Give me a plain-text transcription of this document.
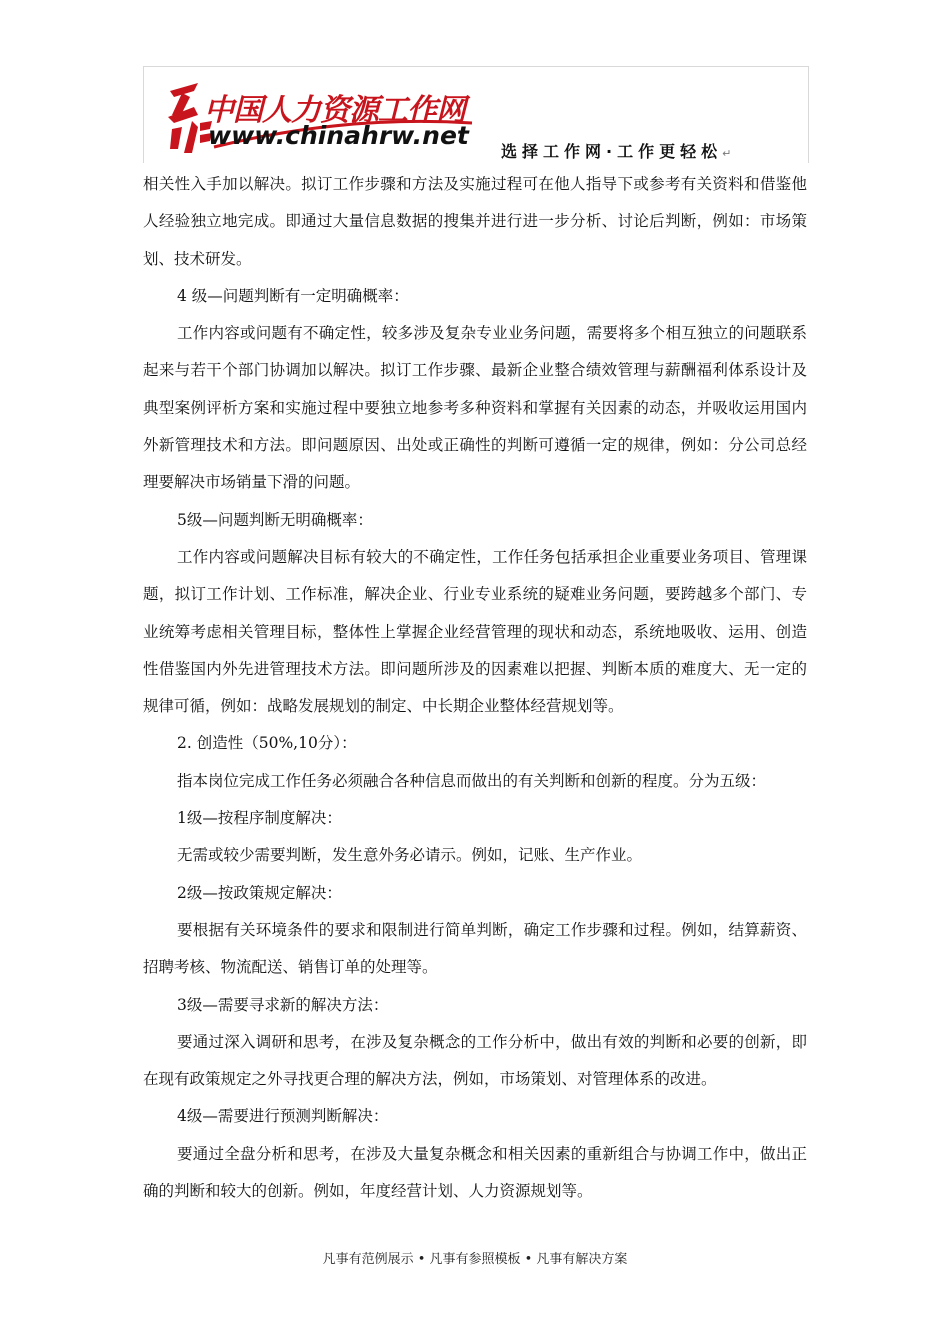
中国人力资源工作网
www.chinahrw.net
选择工作网·工作更轻松↵

相关性入手加以解决。拟订工作步骤和方法及实施过程可在他人指导下或参考有关资料和借鉴他人经验独立地完成。即通过大量信息数据的搜集并进行进一步分析、讨论后判断，例如：市场策划、技术研发。

4 级—问题判断有一定明确概率：

工作内容或问题有不确定性，较多涉及复杂专业业务问题，需要将多个相互独立的问题联系起来与若干个部门协调加以解决。拟订工作步骤、最新企业整合绩效管理与薪酬福利体系设计及典型案例评析方案和实施过程中要独立地参考多种资料和掌握有关因素的动态，并吸收运用国内外新管理技术和方法。即问题原因、出处或正确性的判断可遵循一定的规律，例如：分公司总经理要解决市场销量下滑的问题。

5级—问题判断无明确概率：

工作内容或问题解决目标有较大的不确定性，工作任务包括承担企业重要业务项目、管理课题，拟订工作计划、工作标准，解决企业、行业专业系统的疑难业务问题，要跨越多个部门、专业统筹考虑相关管理目标，整体性上掌握企业经营管理的现状和动态，系统地吸收、运用、创造性借鉴国内外先进管理技术方法。即问题所涉及的因素难以把握、判断本质的难度大、无一定的规律可循，例如：战略发展规划的制定、中长期企业整体经营规划等。

2. 创造性（50%,10分）：

指本岗位完成工作任务必须融合各种信息而做出的有关判断和创新的程度。分为五级：

1级—按程序制度解决：

无需或较少需要判断，发生意外务必请示。例如，记账、生产作业。

2级—按政策规定解决：

要根据有关环境条件的要求和限制进行简单判断，确定工作步骤和过程。例如，结算薪资、招聘考核、物流配送、销售订单的处理等。

3级—需要寻求新的解决方法：

要通过深入调研和思考，在涉及复杂概念的工作分析中，做出有效的判断和必要的创新，即在现有政策规定之外寻找更合理的解决方法，例如，市场策划、对管理体系的改进。

4级—需要进行预测判断解决：

要通过全盘分析和思考，在涉及大量复杂概念和相关因素的重新组合与协调工作中，做出正确的判断和较大的创新。例如，年度经营计划、人力资源规划等。

凡事有范例展示 • 凡事有参照模板 • 凡事有解决方案
